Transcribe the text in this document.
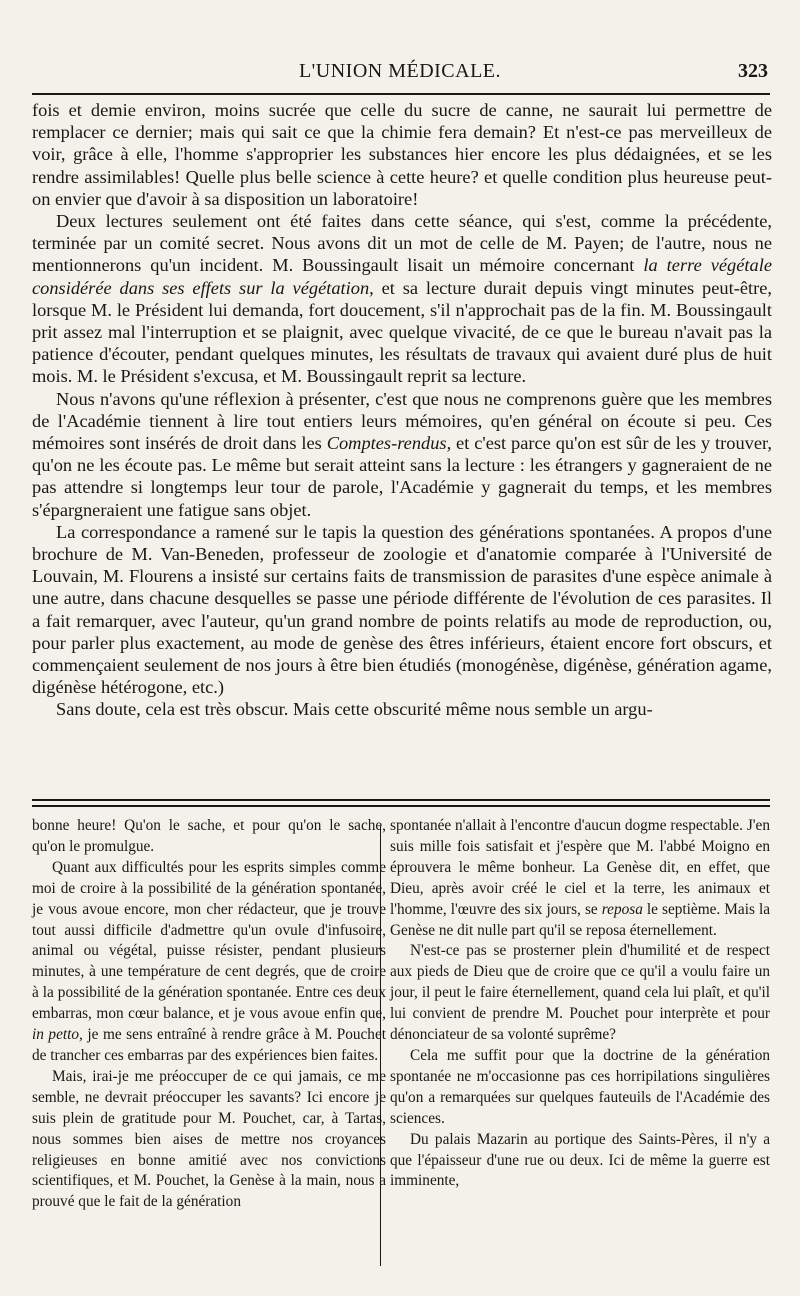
L'UNION MÉDICALE.	323

fois et demie environ, moins sucrée que celle du sucre de canne, ne saurait lui permettre de remplacer ce dernier; mais qui sait ce que la chimie fera demain? Et n'est-ce pas merveilleux de voir, grâce à elle, l'homme s'approprier les substances hier encore les plus dédaignées, et se les rendre assimilables! Quelle plus belle science à cette heure? et quelle condition plus heureuse peut-on envier que d'avoir à sa disposition un laboratoire!

Deux lectures seulement ont été faites dans cette séance, qui s'est, comme la précédente, terminée par un comité secret. Nous avons dit un mot de celle de M. Payen; de l'autre, nous ne mentionnerons qu'un incident. M. Boussingault lisait un mémoire concernant la terre végétale considérée dans ses effets sur la végétation, et sa lecture durait depuis vingt minutes peut-être, lorsque M. le Président lui demanda, fort doucement, s'il n'approchait pas de la fin. M. Boussingault prit assez mal l'interruption et se plaignit, avec quelque vivacité, de ce que le bureau n'avait pas la patience d'écouter, pendant quelques minutes, les résultats de travaux qui avaient duré plus de huit mois. M. le Président s'excusa, et M. Boussingault reprit sa lecture.

Nous n'avons qu'une réflexion à présenter, c'est que nous ne comprenons guère que les membres de l'Académie tiennent à lire tout entiers leurs mémoires, qu'en général on écoute si peu. Ces mémoires sont insérés de droit dans les Comptes-rendus, et c'est parce qu'on est sûr de les y trouver, qu'on ne les écoute pas. Le même but serait atteint sans la lecture : les étrangers y gagneraient de ne pas attendre si longtemps leur tour de parole, l'Académie y gagnerait du temps, et les membres s'épargneraient une fatigue sans objet.

La correspondance a ramené sur le tapis la question des générations spontanées. A propos d'une brochure de M. Van-Beneden, professeur de zoologie et d'anatomie comparée à l'Université de Louvain, M. Flourens a insisté sur certains faits de transmission de parasites d'une espèce animale à une autre, dans chacune desquelles se passe une période différente de l'évolution de ces parasites. Il a fait remarquer, avec l'auteur, qu'un grand nombre de points relatifs au mode de reproduction, ou, pour parler plus exactement, au mode de genèse des êtres inférieurs, étaient encore fort obscurs, et commençaient seulement de nos jours à être bien étudiés (monogénèse, digénèse, génération agame, digénèse hétérogone, etc.)

Sans doute, cela est très obscur. Mais cette obscurité même nous semble un argu-

bonne heure! Qu'on le sache, et pour qu'on le sache, qu'on le promulgue.

Quant aux difficultés pour les esprits simples comme moi de croire à la possibilité de la génération spontanée, je vous avoue encore, mon cher rédacteur, que je trouve tout aussi difficile d'admettre qu'un ovule d'infusoire, animal ou végétal, puisse résister, pendant plusieurs minutes, à une température de cent degrés, que de croire à la possibilité de la génération spontanée. Entre ces deux embarras, mon cœur balance, et je vous avoue enfin que, in petto, je me sens entraîné à rendre grâce à M. Pouchet de trancher ces embarras par des expériences bien faites.

Mais, irai-je me préoccuper de ce qui jamais, ce me semble, ne devrait préoccuper les savants? Ici encore je suis plein de gratitude pour M. Pouchet, car, à Tartas, nous sommes bien aises de mettre nos croyances religieuses en bonne amitié avec nos convictions scientifiques, et M. Pouchet, la Genèse à la main, nous a prouvé que le fait de la génération

spontanée n'allait à l'encontre d'aucun dogme respectable. J'en suis mille fois satisfait et j'espère que M. l'abbé Moigno en éprouvera le même bonheur. La Genèse dit, en effet, que Dieu, après avoir créé le ciel et la terre, les animaux et l'homme, l'œuvre des six jours, se reposa le septième. Mais la Genèse ne dit nulle part qu'il se reposa éternellement.

N'est-ce pas se prosterner plein d'humilité et de respect aux pieds de Dieu que de croire que ce qu'il a voulu faire un jour, il peut le faire éternellement, quand cela lui plaît, et qu'il lui convient de prendre M. Pouchet pour interprète et pour dénonciateur de sa volonté suprême?

Cela me suffit pour que la doctrine de la génération spontanée ne m'occasionne pas ces horripilations singulières qu'on a remarquées sur quelques fauteuils de l'Académie des sciences.

Du palais Mazarin au portique des Saints-Pères, il n'y a que l'épaisseur d'une rue ou deux. Ici de même la guerre est imminente,
